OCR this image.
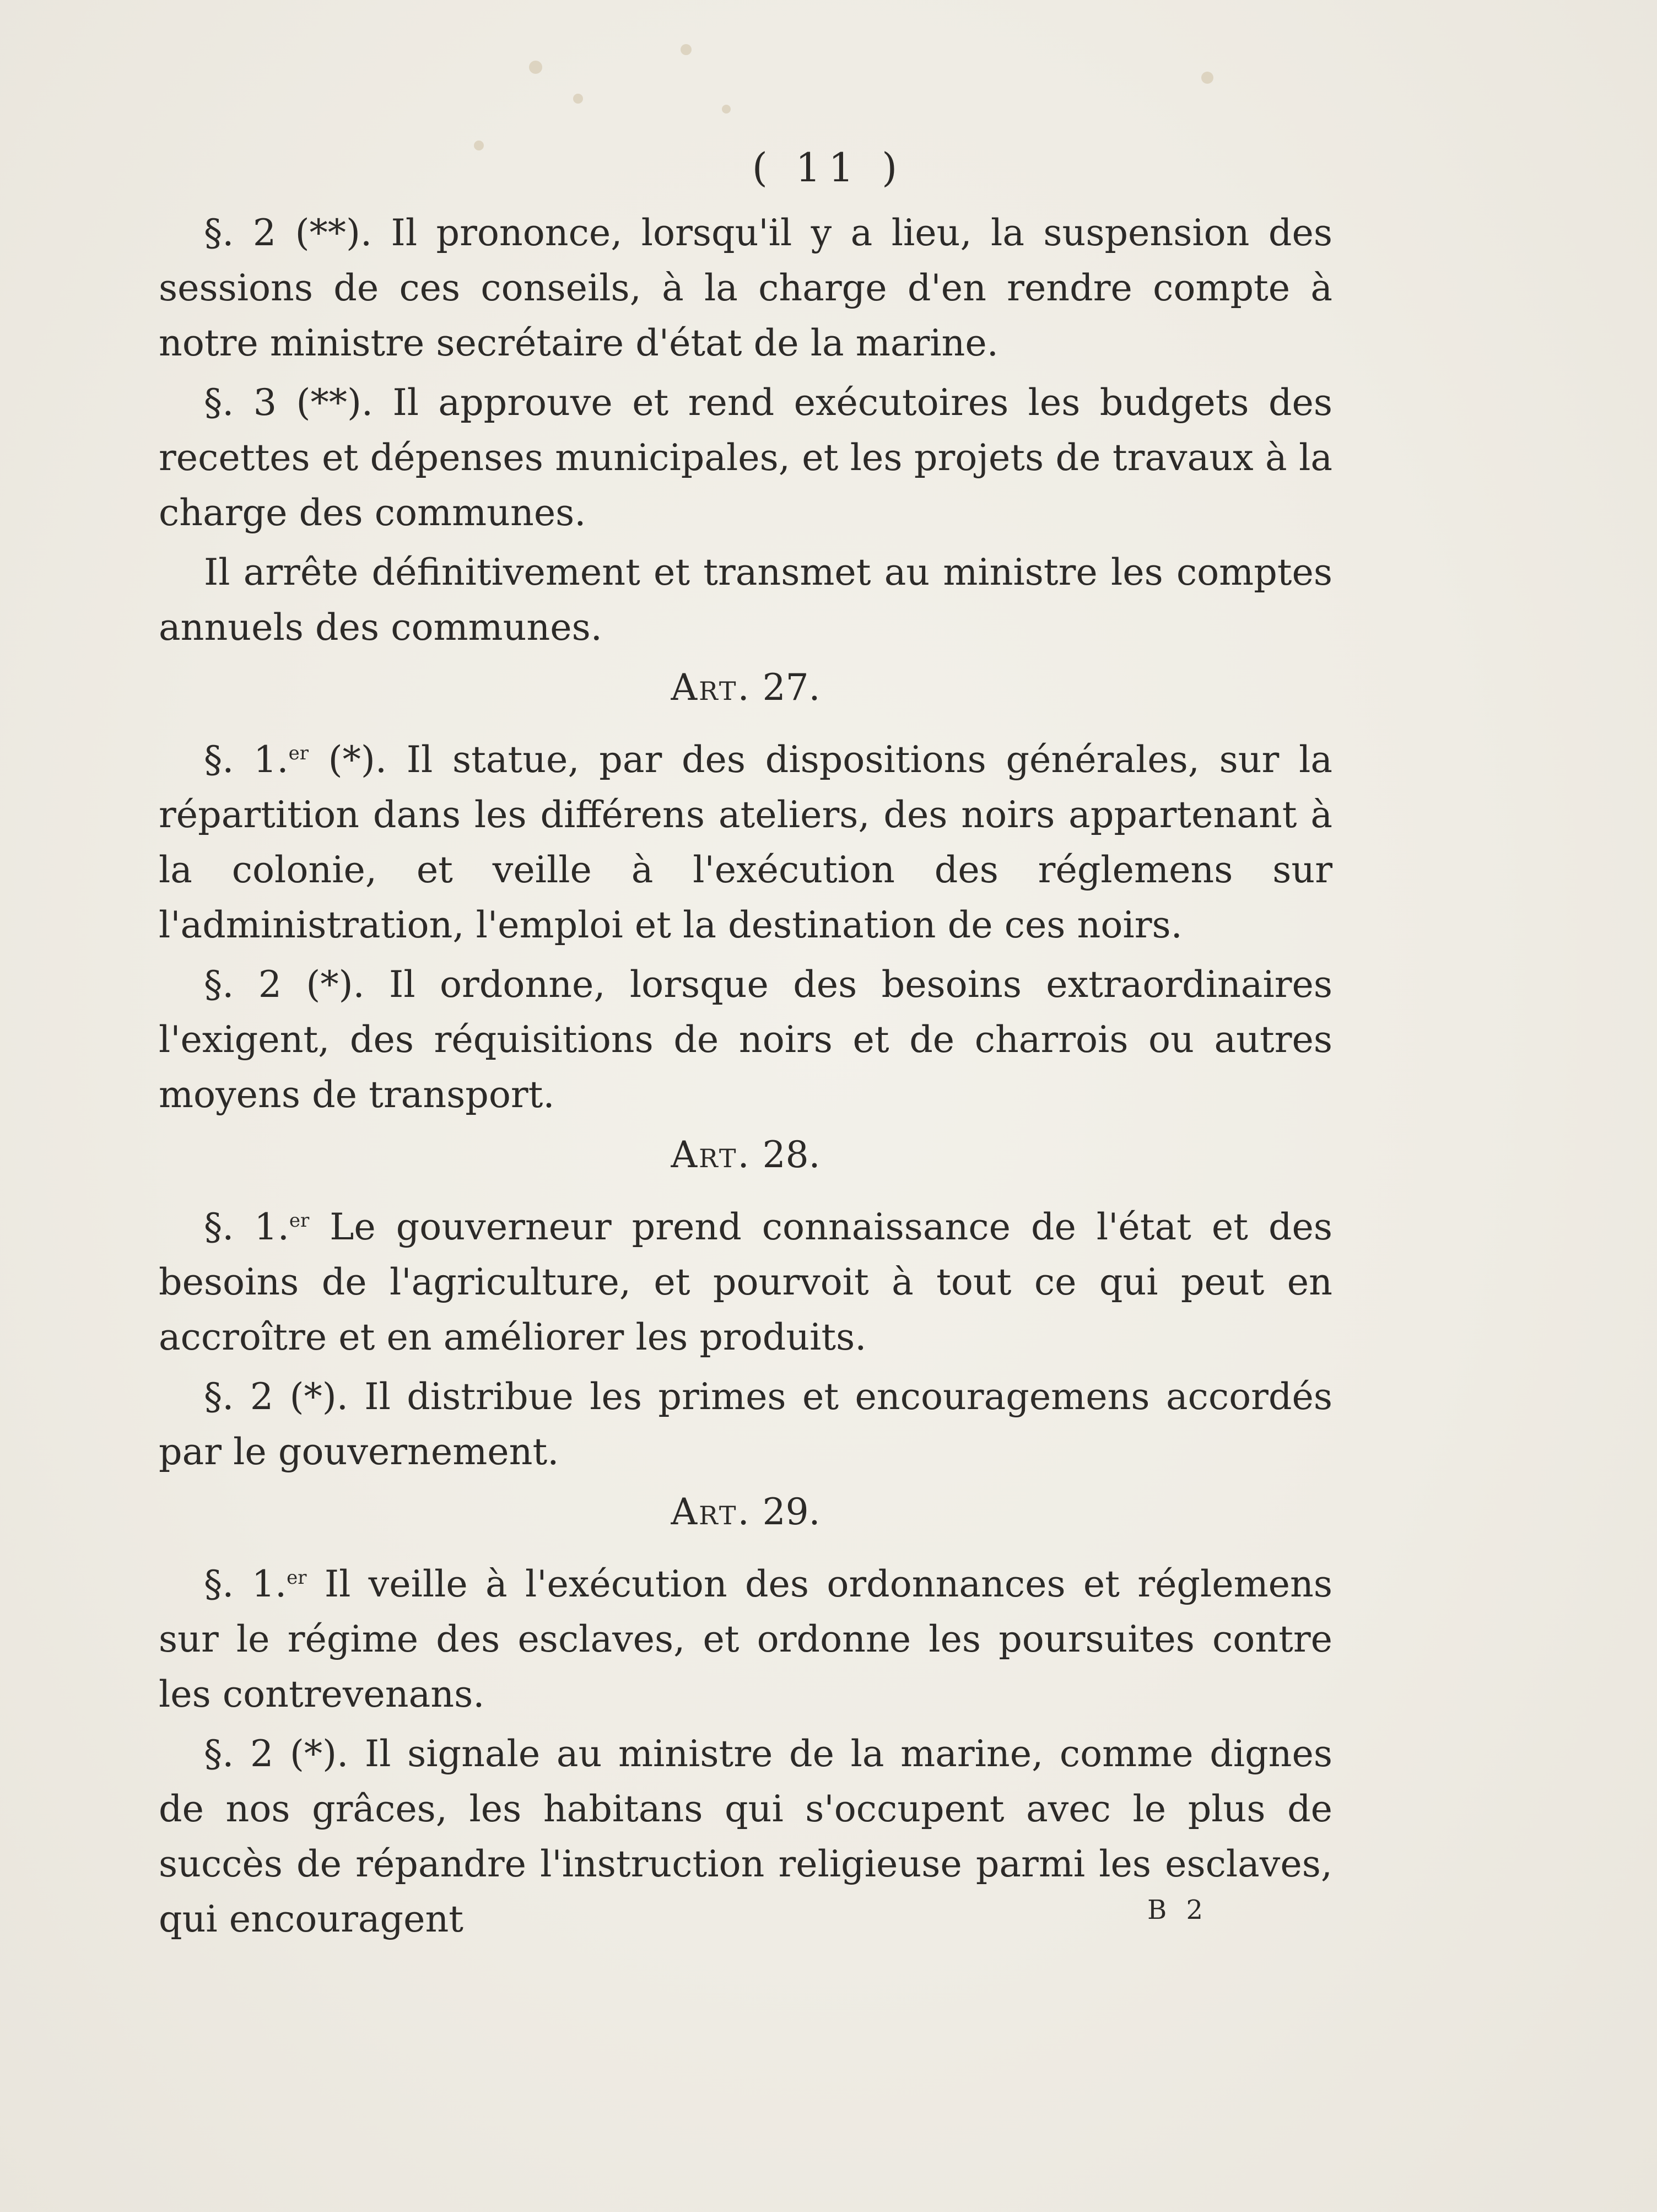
( 11 )

§. 2 (**). Il prononce, lorsqu'il y a lieu, la suspension des sessions de ces conseils, à la charge d'en rendre compte à notre ministre secrétaire d'état de la marine.

§. 3 (**). Il approuve et rend exécutoires les budgets des recettes et dépenses municipales, et les projets de travaux à la charge des communes.

Il arrête définitivement et transmet au ministre les comptes annuels des communes.

Art. 27.

§. 1.$^{er}$ (*). Il statue, par des dispositions générales, sur la répartition dans les différens ateliers, des noirs appartenant à la colonie, et veille à l'exécution des réglemens sur l'administration, l'emploi et la destination de ces noirs.

§. 2 (*). Il ordonne, lorsque des besoins extraordinaires l'exigent, des réquisitions de noirs et de charrois ou autres moyens de transport.

Art. 28.

§. 1.$^{er}$ Le gouverneur prend connaissance de l'état et des besoins de l'agriculture, et pourvoit à tout ce qui peut en accroître et en améliorer les produits.

§. 2 (*). Il distribue les primes et encouragemens accordés par le gouvernement.

Art. 29.

§. 1.$^{er}$ Il veille à l'exécution des ordonnances et réglemens sur le régime des esclaves, et ordonne les poursuites contre les contrevenans.

§. 2 (*). Il signale au ministre de la marine, comme dignes de nos grâces, les habitans qui s'occupent avec le plus de succès de répandre l'instruction religieuse parmi les esclaves, qui encouragent	B 2
